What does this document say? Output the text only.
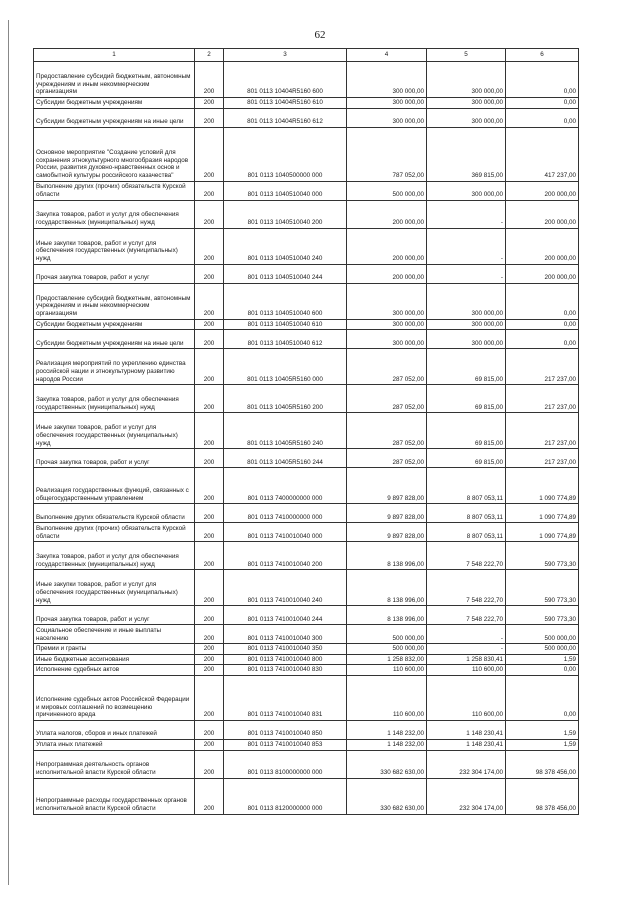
62
1	2	3	4	5	6
Предоставление субсидий бюджетным, автономным учреждениям и иным некоммерческим организациям	200	801 0113 10404R5160 600	300 000,00	300 000,00	0,00
Субсидии бюджетным учреждениям	200	801 0113 10404R5160 610	300 000,00	300 000,00	0,00
Субсидии бюджетным учреждениям на иные цели	200	801 0113 10404R5160 612	300 000,00	300 000,00	0,00
Основное мероприятие "Создание условий для сохранения этнокультурного многообразия народов России, развития духовно-нравственных основ и самобытной культуры российского казачества"	200	801 0113 1040500000 000	787 052,00	369 815,00	417 237,00
Выполнение других (прочих) обязательств Курской области	200	801 0113 1040510040 000	500 000,00	300 000,00	200 000,00
Закупка товаров, работ и услуг для обеспечения государственных (муниципальных) нужд	200	801 0113 1040510040 200	200 000,00	-	200 000,00
Иные закупки товаров, работ и услуг для обеспечения государственных (муниципальных) нужд	200	801 0113 1040510040 240	200 000,00	-	200 000,00
Прочая закупка товаров, работ и услуг	200	801 0113 1040510040 244	200 000,00	-	200 000,00
Предоставление субсидий бюджетным, автономным учреждениям и иным некоммерческим организациям	200	801 0113 1040510040 600	300 000,00	300 000,00	0,00
Субсидии бюджетным учреждениям	200	801 0113 1040510040 610	300 000,00	300 000,00	0,00
Субсидии бюджетным учреждениям на иные цели	200	801 0113 1040510040 612	300 000,00	300 000,00	0,00
Реализация мероприятий по укреплению единства российской нации и этнокультурному развитию народов России	200	801 0113 10405R5160 000	287 052,00	69 815,00	217 237,00
Закупка товаров, работ и услуг для обеспечения государственных (муниципальных) нужд	200	801 0113 10405R5160 200	287 052,00	69 815,00	217 237,00
Иные закупки товаров, работ и услуг для обеспечения государственных (муниципальных) нужд	200	801 0113 10405R5160 240	287 052,00	69 815,00	217 237,00
Прочая закупка товаров, работ и услуг	200	801 0113 10405R5160 244	287 052,00	69 815,00	217 237,00
Реализация государственных функций, связанных с общегосударственным управлением	200	801 0113 7400000000 000	9 897 828,00	8 807 053,11	1 090 774,89
Выполнение других обязательств Курской области	200	801 0113 7410000000 000	9 897 828,00	8 807 053,11	1 090 774,89
Выполнение других (прочих) обязательств Курской области	200	801 0113 7410010040 000	9 897 828,00	8 807 053,11	1 090 774,89
Закупка товаров, работ и услуг для обеспечения государственных (муниципальных) нужд	200	801 0113 7410010040 200	8 138 996,00	7 548 222,70	590 773,30
Иные закупки товаров, работ и услуг для обеспечения государственных (муниципальных) нужд	200	801 0113 7410010040 240	8 138 996,00	7 548 222,70	590 773,30
Прочая закупка товаров, работ и услуг	200	801 0113 7410010040 244	8 138 996,00	7 548 222,70	590 773,30
Социальное обеспечение и иные выплаты населению	200	801 0113 7410010040 300	500 000,00	-	500 000,00
Премии и гранты	200	801 0113 7410010040 350	500 000,00	-	500 000,00
Иные бюджетные ассигнования	200	801 0113 7410010040 800	1 258 832,00	1 258 830,41	1,59
Исполнение судебных актов	200	801 0113 7410010040 830	110 600,00	110 600,00	0,00
Исполнение судебных актов Российской Федерации и мировых соглашений по возмещению причиненного вреда	200	801 0113 7410010040 831	110 600,00	110 600,00	0,00
Уплата налогов, сборов и иных платежей	200	801 0113 7410010040 850	1 148 232,00	1 148 230,41	1,59
Уплата иных платежей	200	801 0113 7410010040 853	1 148 232,00	1 148 230,41	1,59
Непрограммная деятельность органов исполнительной власти Курской области	200	801 0113 8100000000 000	330 682 630,00	232 304 174,00	98 378 456,00
Непрограммные расходы государственных органов исполнительной власти Курской области	200	801 0113 8120000000 000	330 682 630,00	232 304 174,00	98 378 456,00
